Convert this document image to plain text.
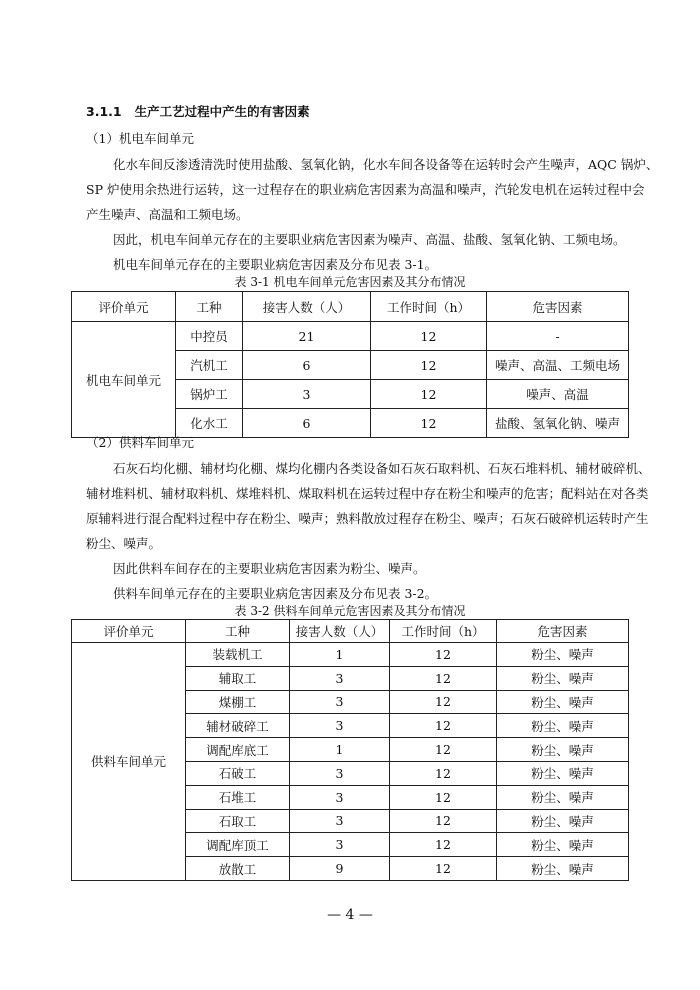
3.1.1 生产工艺过程中产生的有害因素
（1）机电车间单元
化水车间反渗透清洗时使用盐酸、氢氧化钠，化水车间各设备等在运转时会产生噪声，AQC 锅炉、
SP 炉使用余热进行运转，这一过程存在的职业病危害因素为高温和噪声，汽轮发电机在运转过程中会
产生噪声、高温和工频电场。
因此，机电车间单元存在的主要职业病危害因素为噪声、高温、盐酸、氢氧化钠、工频电场。
机电车间单元存在的主要职业病危害因素及分布见表 3-1。
表 3-1 机电车间单元危害因素及其分布情况
评价单元	工种	接害人数（人）	工作时间（h）	危害因素
机电车间单元	中控员	21	12	-
	汽机工	6	12	噪声、高温、工频电场
	锅炉工	3	12	噪声、高温
	化水工	6	12	盐酸、氢氧化钠、噪声
（2）供料车间单元
石灰石均化棚、辅材均化棚、煤均化棚内各类设备如石灰石取料机、石灰石堆料机、辅材破碎机、
辅材堆料机、辅材取料机、煤堆料机、煤取料机在运转过程中存在粉尘和噪声的危害；配料站在对各类
原辅料进行混合配料过程中存在粉尘、噪声；熟料散放过程存在粉尘、噪声；石灰石破碎机运转时产生
粉尘、噪声。
因此供料车间存在的主要职业病危害因素为粉尘、噪声。
供料车间单元存在的主要职业病危害因素及分布见表 3-2。
表 3-2 供料车间单元危害因素及其分布情况
评价单元	工种	接害人数（人）	工作时间（h）	危害因素
供料车间单元	装载机工	1	12	粉尘、噪声
	辅取工	3	12	粉尘、噪声
	煤棚工	3	12	粉尘、噪声
	辅材破碎工	3	12	粉尘、噪声
	调配库底工	1	12	粉尘、噪声
	石破工	3	12	粉尘、噪声
	石堆工	3	12	粉尘、噪声
	石取工	3	12	粉尘、噪声
	调配库顶工	3	12	粉尘、噪声
	放散工	9	12	粉尘、噪声
— 4 —
